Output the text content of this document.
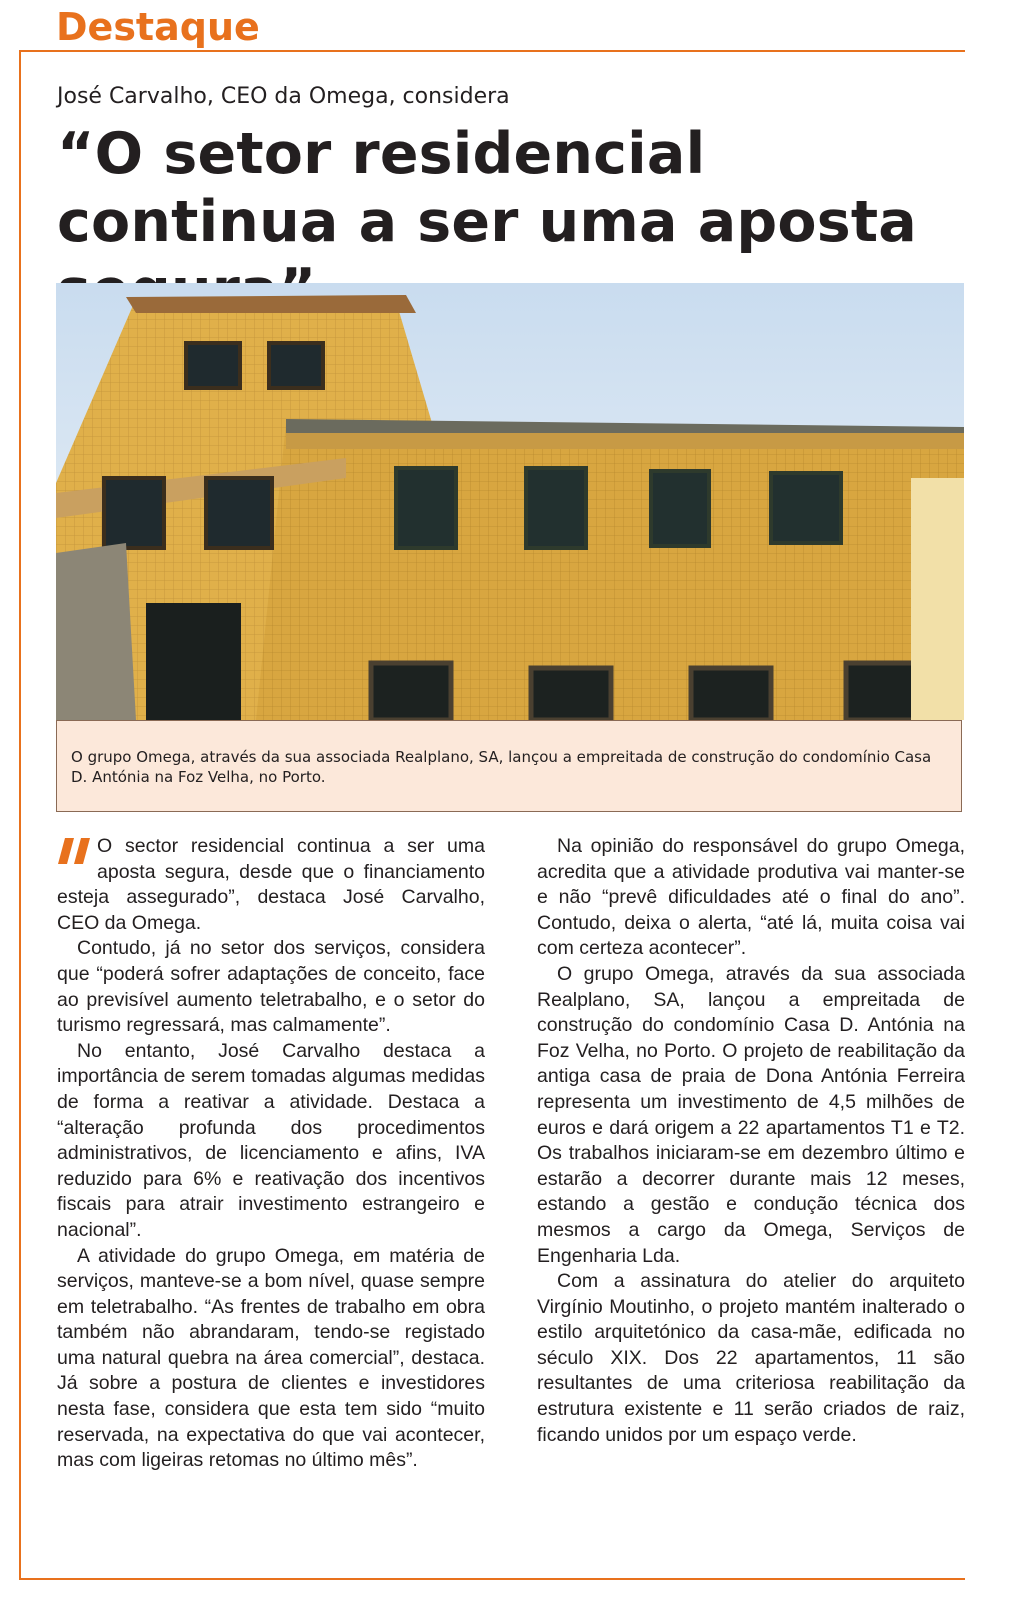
Destaque

José Carvalho, CEO da Omega, considera

“O setor residencial continua a ser uma aposta

O grupo Omega, através da sua associada Realplano, SA, lançou a empreitada de construção do condomínio Casa D. Antónia na Foz Velha, no Porto.

O sector residencial continua a ser uma aposta segura, desde que o financiamento esteja assegurado”, destaca José Carvalho, CEO da Omega.

Contudo, já no setor dos serviços, considera que “poderá sofrer adaptações de conceito, face ao previsível aumento teletrabalho, e o setor do turismo regressará, mas calmamente”.

No entanto, José Carvalho destaca a importância de serem tomadas algumas medidas de forma a reativar a atividade. Destaca a “alteração profunda dos procedimentos administrativos, de licenciamento e afins, IVA reduzido para 6% e reativação dos incentivos fiscais para atrair investimento estrangeiro e nacional”.

A atividade do grupo Omega, em matéria de serviços, manteve-se a bom nível, quase sempre em teletrabalho. “As frentes de trabalho em obra também não abrandaram, tendo-se registado uma natural quebra na área comercial”, destaca. Já sobre a postura de clientes e investidores nesta fase, considera que esta tem sido “muito reservada, na expectativa do que vai acontecer, mas com ligeiras retomas no último mês”.

Na opinião do responsável do grupo Omega, acredita que a atividade produtiva vai manter-se e não “prevê dificuldades até o final do ano”. Contudo, deixa o alerta, “até lá, muita coisa vai com certeza acontecer”.

O grupo Omega, através da sua associada Realplano, SA, lançou a empreitada de construção do condomínio Casa D. Antónia na Foz Velha, no Porto. O projeto de reabilitação da antiga casa de praia de Dona Antónia Ferreira representa um investimento de 4,5 milhões de euros e dará origem a 22 apartamentos T1 e T2. Os trabalhos iniciaram-se em dezembro último e estarão a decorrer durante mais 12 meses, estando a gestão e condução técnica dos mesmos a cargo da Omega, Serviços de Engenharia Lda.

Com a assinatura do atelier do arquiteto Virgínio Moutinho, o projeto mantém inalterado o estilo arquitetónico da casa-mãe, edificada no século XIX. Dos 22 apartamentos, 11 são resultantes de uma criteriosa reabilitação da estrutura existente e 11 serão criados de raiz, ficando unidos por um espaço verde.
